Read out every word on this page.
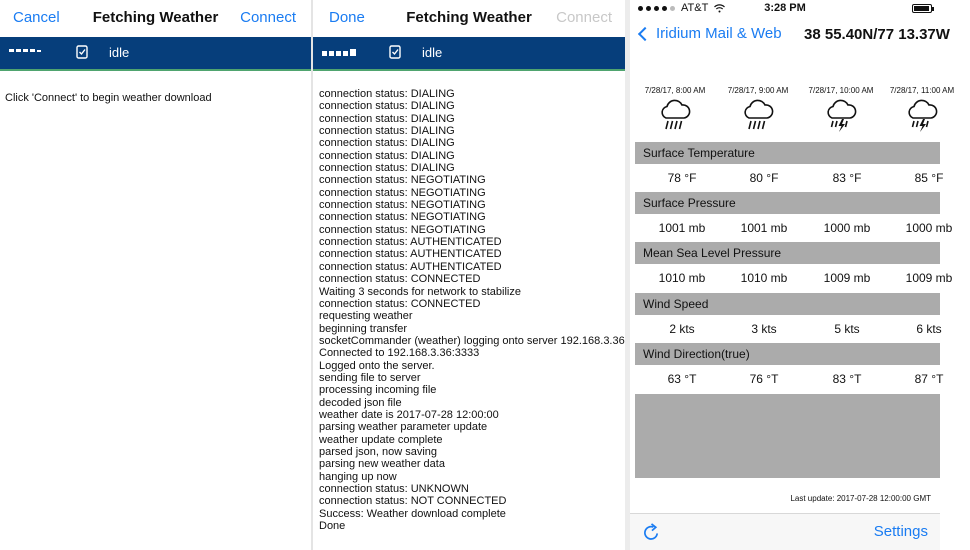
Cancel	Fetching Weather	Connect
idle
Click 'Connect' to begin weather download
Done	Fetching Weather	Connect
idle
connection status: DIALING
connection status: DIALING
connection status: DIALING
connection status: DIALING
connection status: DIALING
connection status: DIALING
connection status: DIALING
connection status: NEGOTIATING
connection status: NEGOTIATING
connection status: NEGOTIATING
connection status: NEGOTIATING
connection status: NEGOTIATING
connection status: AUTHENTICATED
connection status: AUTHENTICATED
connection status: AUTHENTICATED
connection status: CONNECTED
Waiting 3 seconds for network to stabilize
connection status: CONNECTED
requesting weather
beginning transfer
socketCommander (weather) logging onto server 192.168.3.36
Connected to 192.168.3.36:3333
Logged onto the server.
sending file to server
processing incoming file
decoded json file
weather date is 2017-07-28 12:00:00
parsing weather parameter update
weather update complete
parsed json, now saving
parsing new weather data
hanging up now
connection status: UNKNOWN
connection status: NOT CONNECTED
Success: Weather download complete
Done
AT&T	3:28 PM
Iridium Mail & Web 38 55.40N/77 13.37W
7/28/17, 8:00 AM	7/28/17, 9:00 AM	7/28/17, 10:00 AM	7/28/17, 11:00 AM
Surface Temperature
78 °F	80 °F	83 °F	85 °F
Surface Pressure
1001 mb	1001 mb	1000 mb	1000 mb
Mean Sea Level Pressure
1010 mb	1010 mb	1009 mb	1009 mb
Wind Speed
2 kts	3 kts	5 kts	6 kts
Wind Direction(true)
63 °T	76 °T	83 °T	87 °T
Last update: 2017-07-28 12:00:00 GMT
Settings
